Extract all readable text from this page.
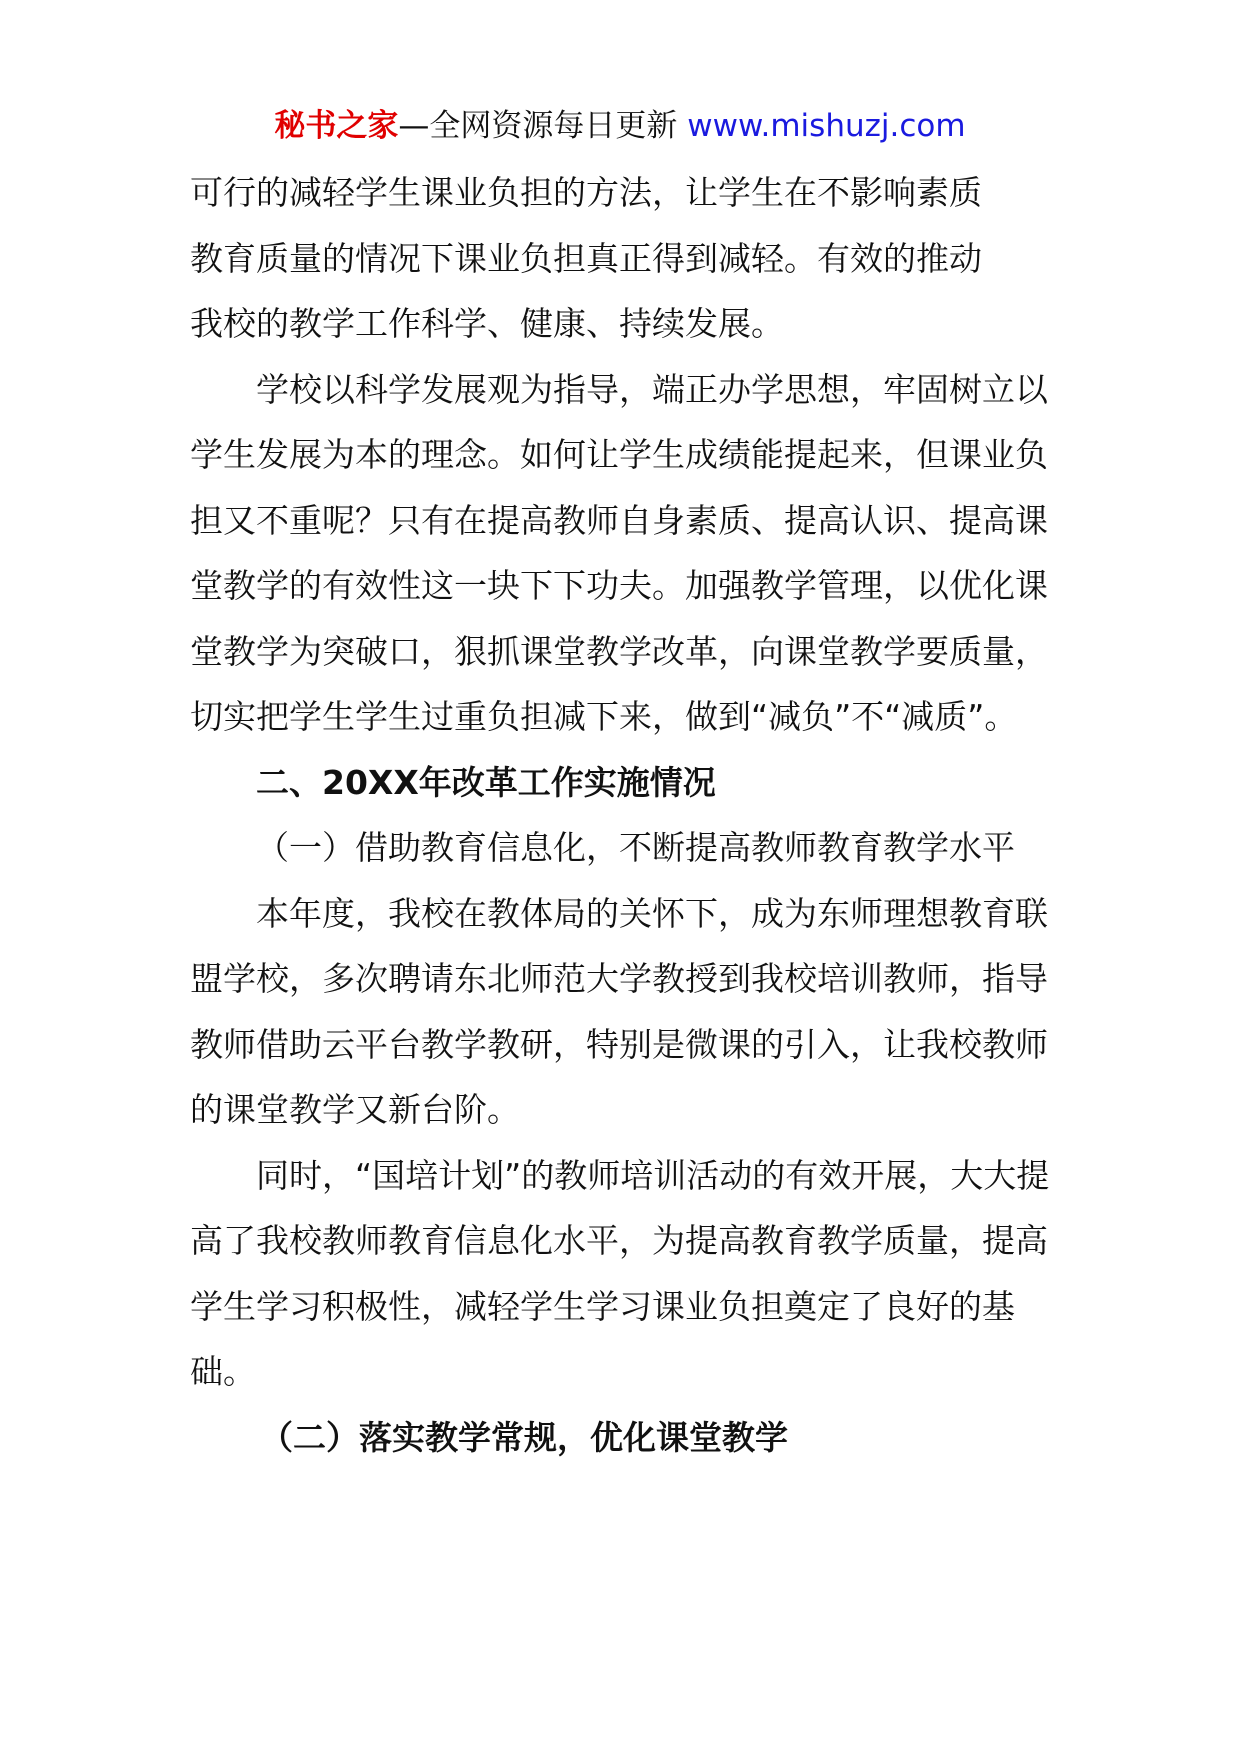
秘书之家—全网资源每日更新 www.mishuzj.com

可行的减轻学生课业负担的方法，让学生在不影响素质

教育质量的情况下课业负担真正得到减轻。有效的推动

我校的教学工作科学、健康、持续发展。

学校以科学发展观为指导，端正办学思想，牢固树立以学生发展为本的理念。如何让学生成绩能提起来，但课业负担又不重呢？只有在提高教师自身素质、提高认识、提高课堂教学的有效性这一块下下功夫。加强教学管理，以优化课堂教学为突破口，狠抓课堂教学改革，向课堂教学要质量，切实把学生学生过重负担减下来，做到“减负”不“减质”。

二、20XX年改革工作实施情况

（一）借助教育信息化，不断提高教师教育教学水平

本年度，我校在教体局的关怀下，成为东师理想教育联盟学校，多次聘请东北师范大学教授到我校培训教师，指导教师借助云平台教学教研，特别是微课的引入，让我校教师的课堂教学又新台阶。

同时，“国培计划”的教师培训活动的有效开展，大大提高了我校教师教育信息化水平，为提高教育教学质量，提高学生学习积极性，减轻学生学习课业负担奠定了良好的基础。

（二）落实教学常规，优化课堂教学
